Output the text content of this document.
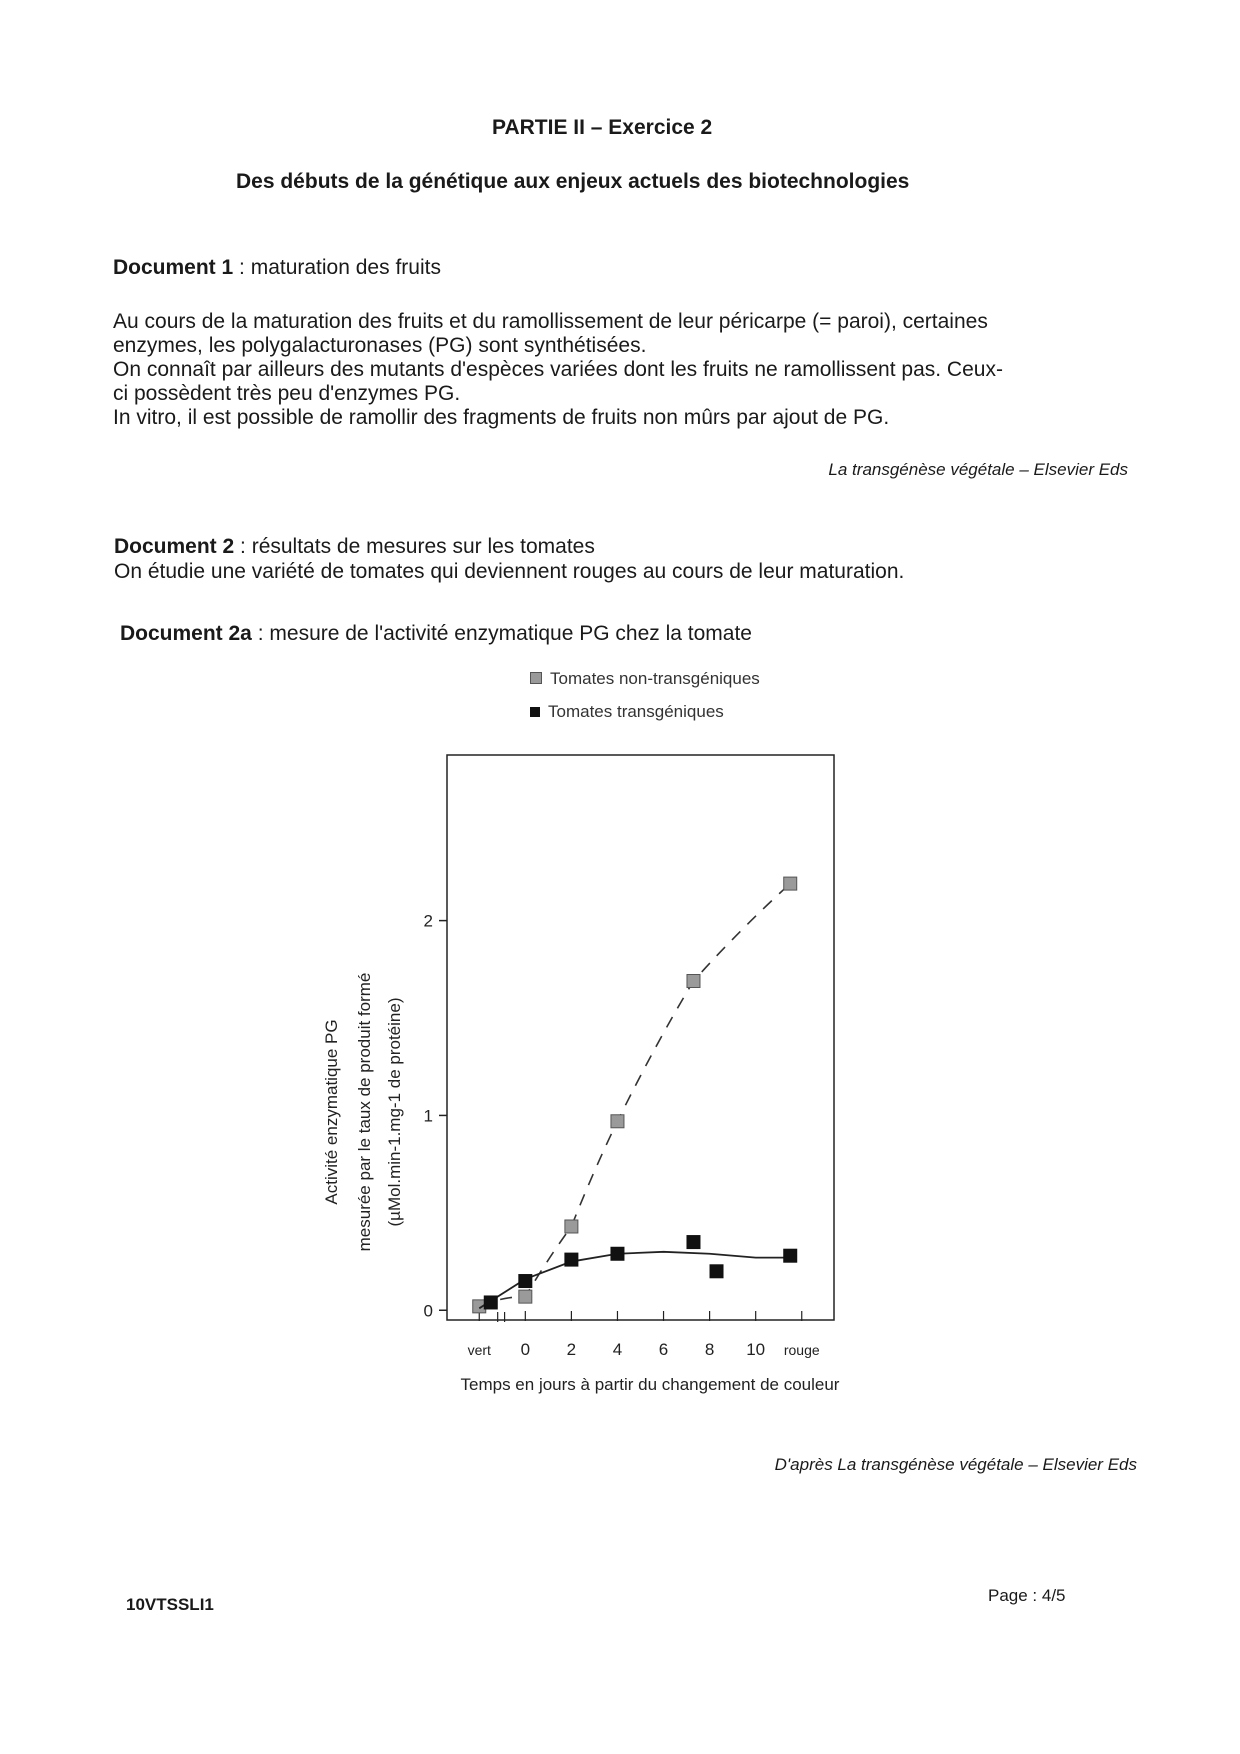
PARTIE II – Exercice 2
Des débuts de la génétique aux enjeux actuels des biotechnologies
Document 1 : maturation des fruits
Au cours de la maturation des fruits et du ramollissement de leur péricarpe (= paroi), certaines
enzymes, les polygalacturonases (PG) sont synthétisées.
On connaît par ailleurs des mutants d'espèces variées dont les fruits ne ramollissent pas. Ceux-
ci possèdent très peu d'enzymes PG.
In vitro, il est possible de ramollir des fragments de fruits non mûrs par ajout de PG.
La transgénèse végétale – Elsevier Eds
Document 2 : résultats de mesures sur les tomates
On étudie une variété de tomates qui deviennent rouges au cours de leur maturation.
Document 2a : mesure de l'activité enzymatique PG chez la tomate
Tomates non-transgéniques
Tomates transgéniques
0
1
2
vert 0 2 4 6 8 10 rouge
Temps en jours à partir du changement de couleur
Activité enzymatique PG mesurée par le taux de produit formé (µMol.min-1.mg-1 de protéine)
D'après La transgénèse végétale – Elsevier Eds
10VTSSLI1	Page : 4/5
